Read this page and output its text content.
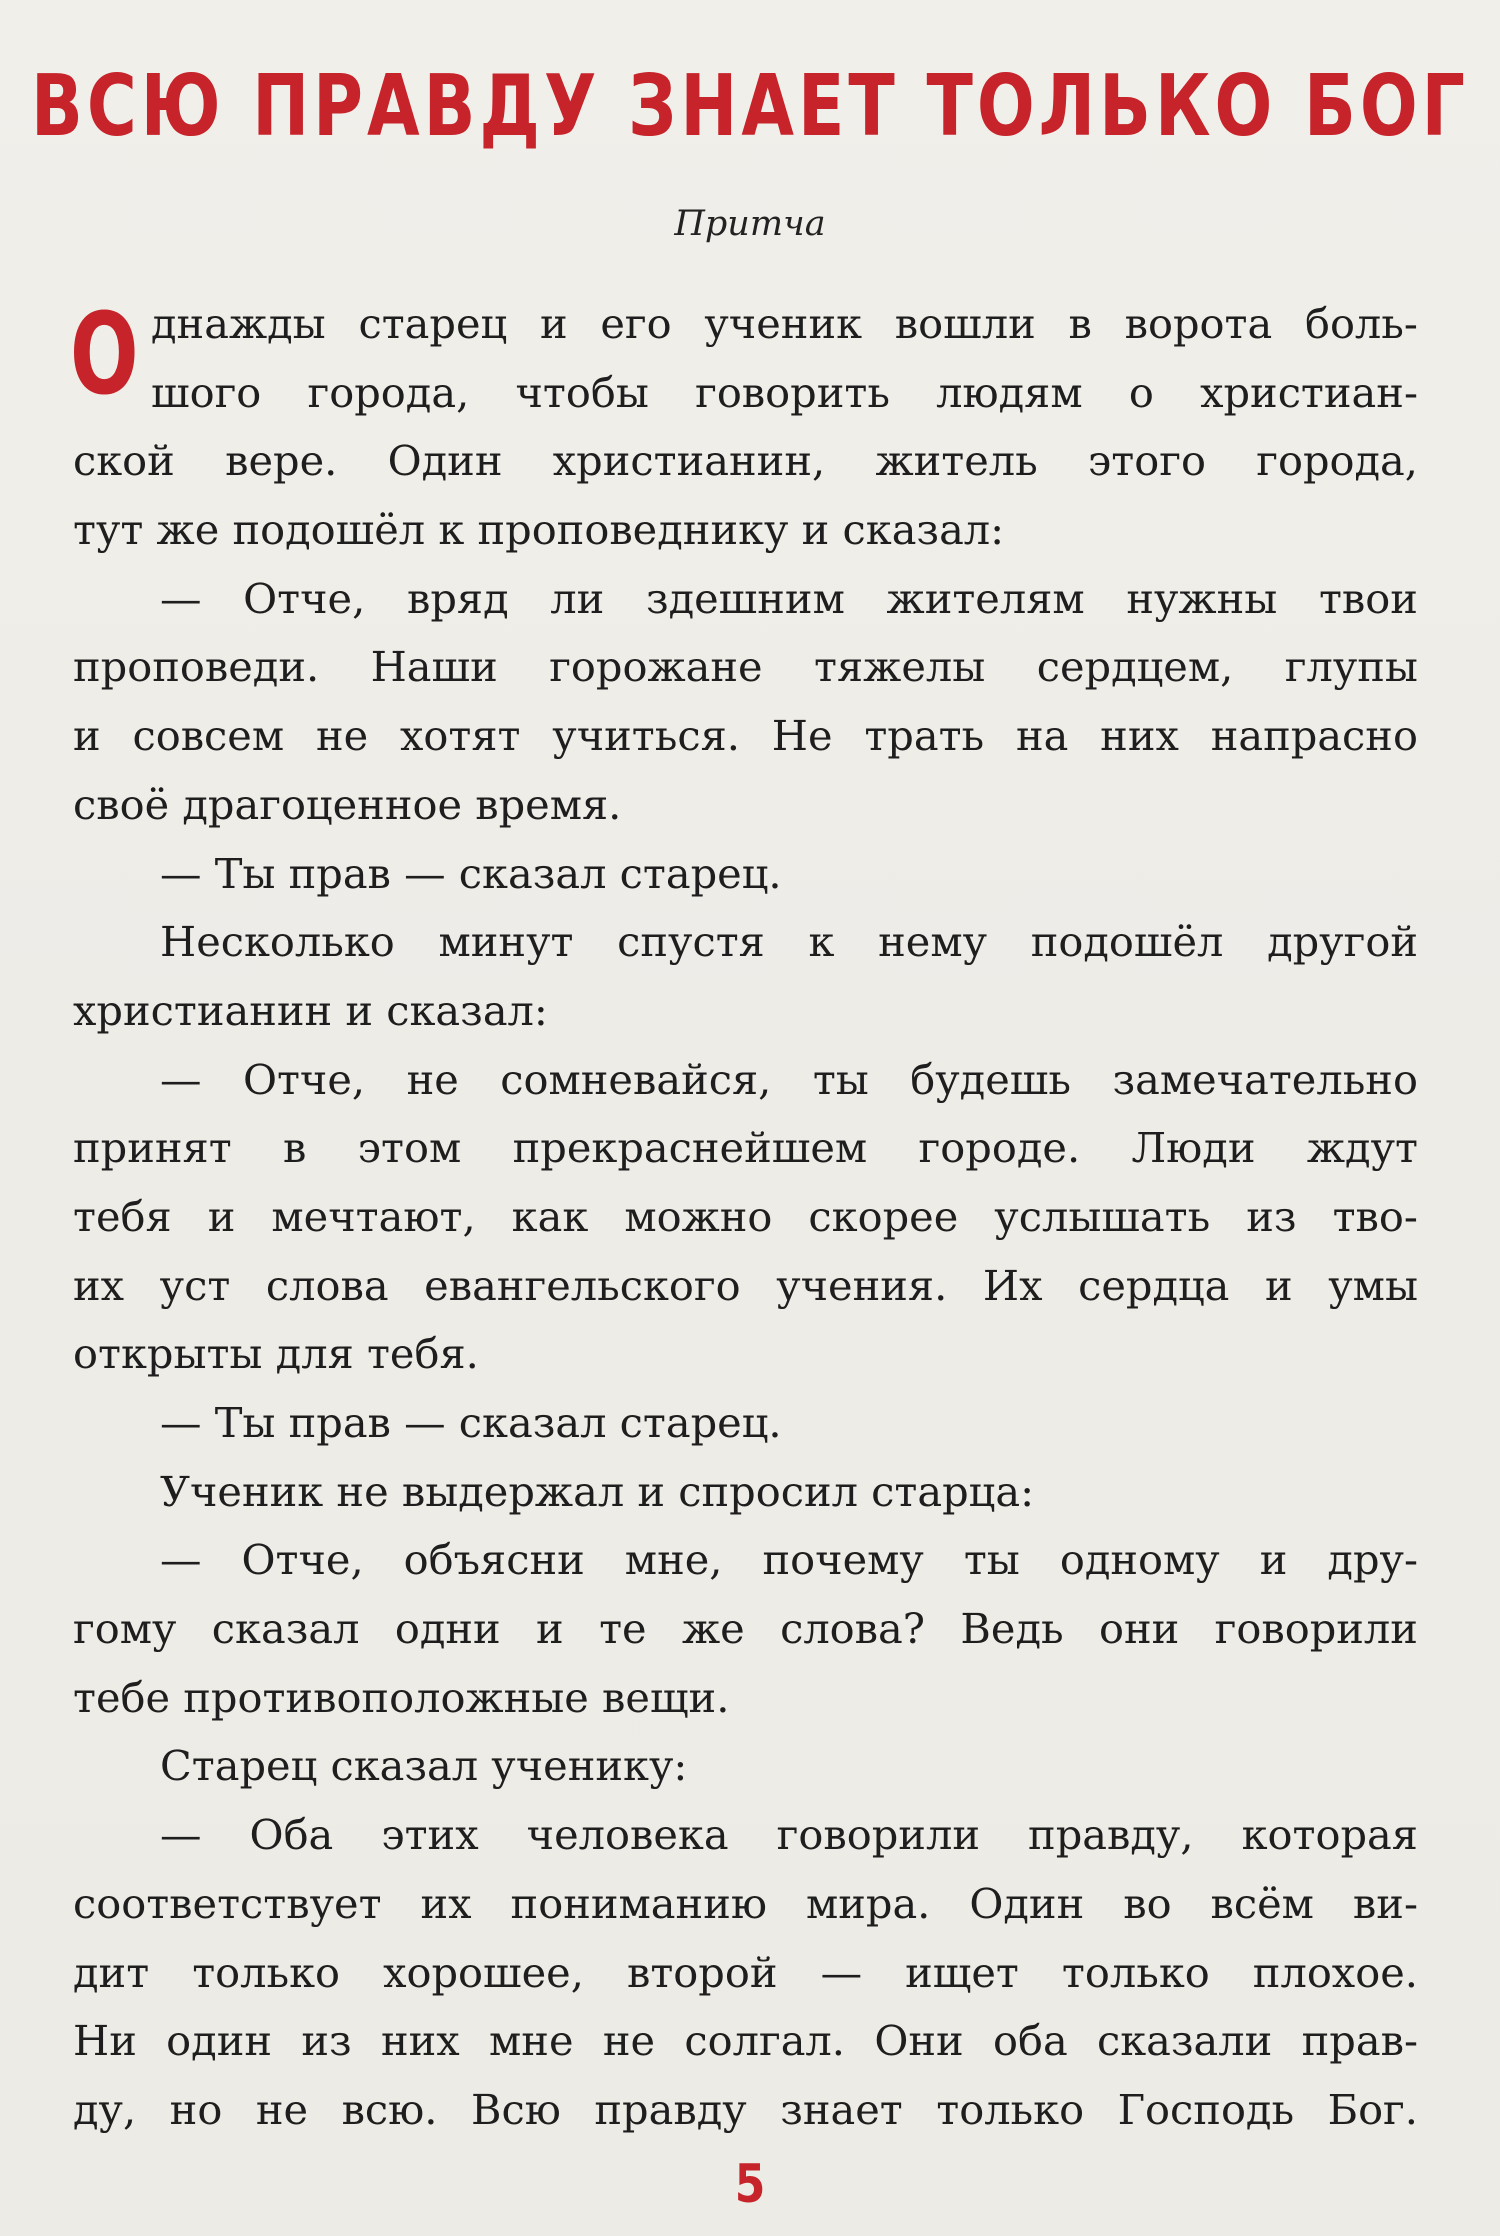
ВСЮ ПРАВДУ ЗНАЕТ ТОЛЬКО БОГ
Притча
О днажды старец и его ученик вошли в ворота боль-
шого города, чтобы говорить людям о христиан-
ской вере. Один христианин, житель этого города,
тут же подошёл к проповеднику и сказал:
— Отче, вряд ли здешним жителям нужны твои
проповеди. Наши горожане тяжелы сердцем, глупы
и совсем не хотят учиться. Не трать на них напрасно
своё драгоценное время.
— Ты прав — сказал старец.
Несколько минут спустя к нему подошёл другой
христианин и сказал:
— Отче, не сомневайся, ты будешь замечательно
принят в этом прекраснейшем городе. Люди ждут
тебя и мечтают, как можно скорее услышать из тво-
их уст слова евангельского учения. Их сердца и умы
открыты для тебя.
— Ты прав — сказал старец.
Ученик не выдержал и спросил старца:
— Отче, объясни мне, почему ты одному и дру-
гому сказал одни и те же слова? Ведь они говорили
тебе противоположные вещи.
Старец сказал ученику:
— Оба этих человека говорили правду, которая
соответствует их пониманию мира. Один во всём ви-
дит только хорошее, второй — ищет только плохое.
Ни один из них мне не солгал. Они оба сказали прав-
ду, но не всю. Всю правду знает только Господь Бог.
5
